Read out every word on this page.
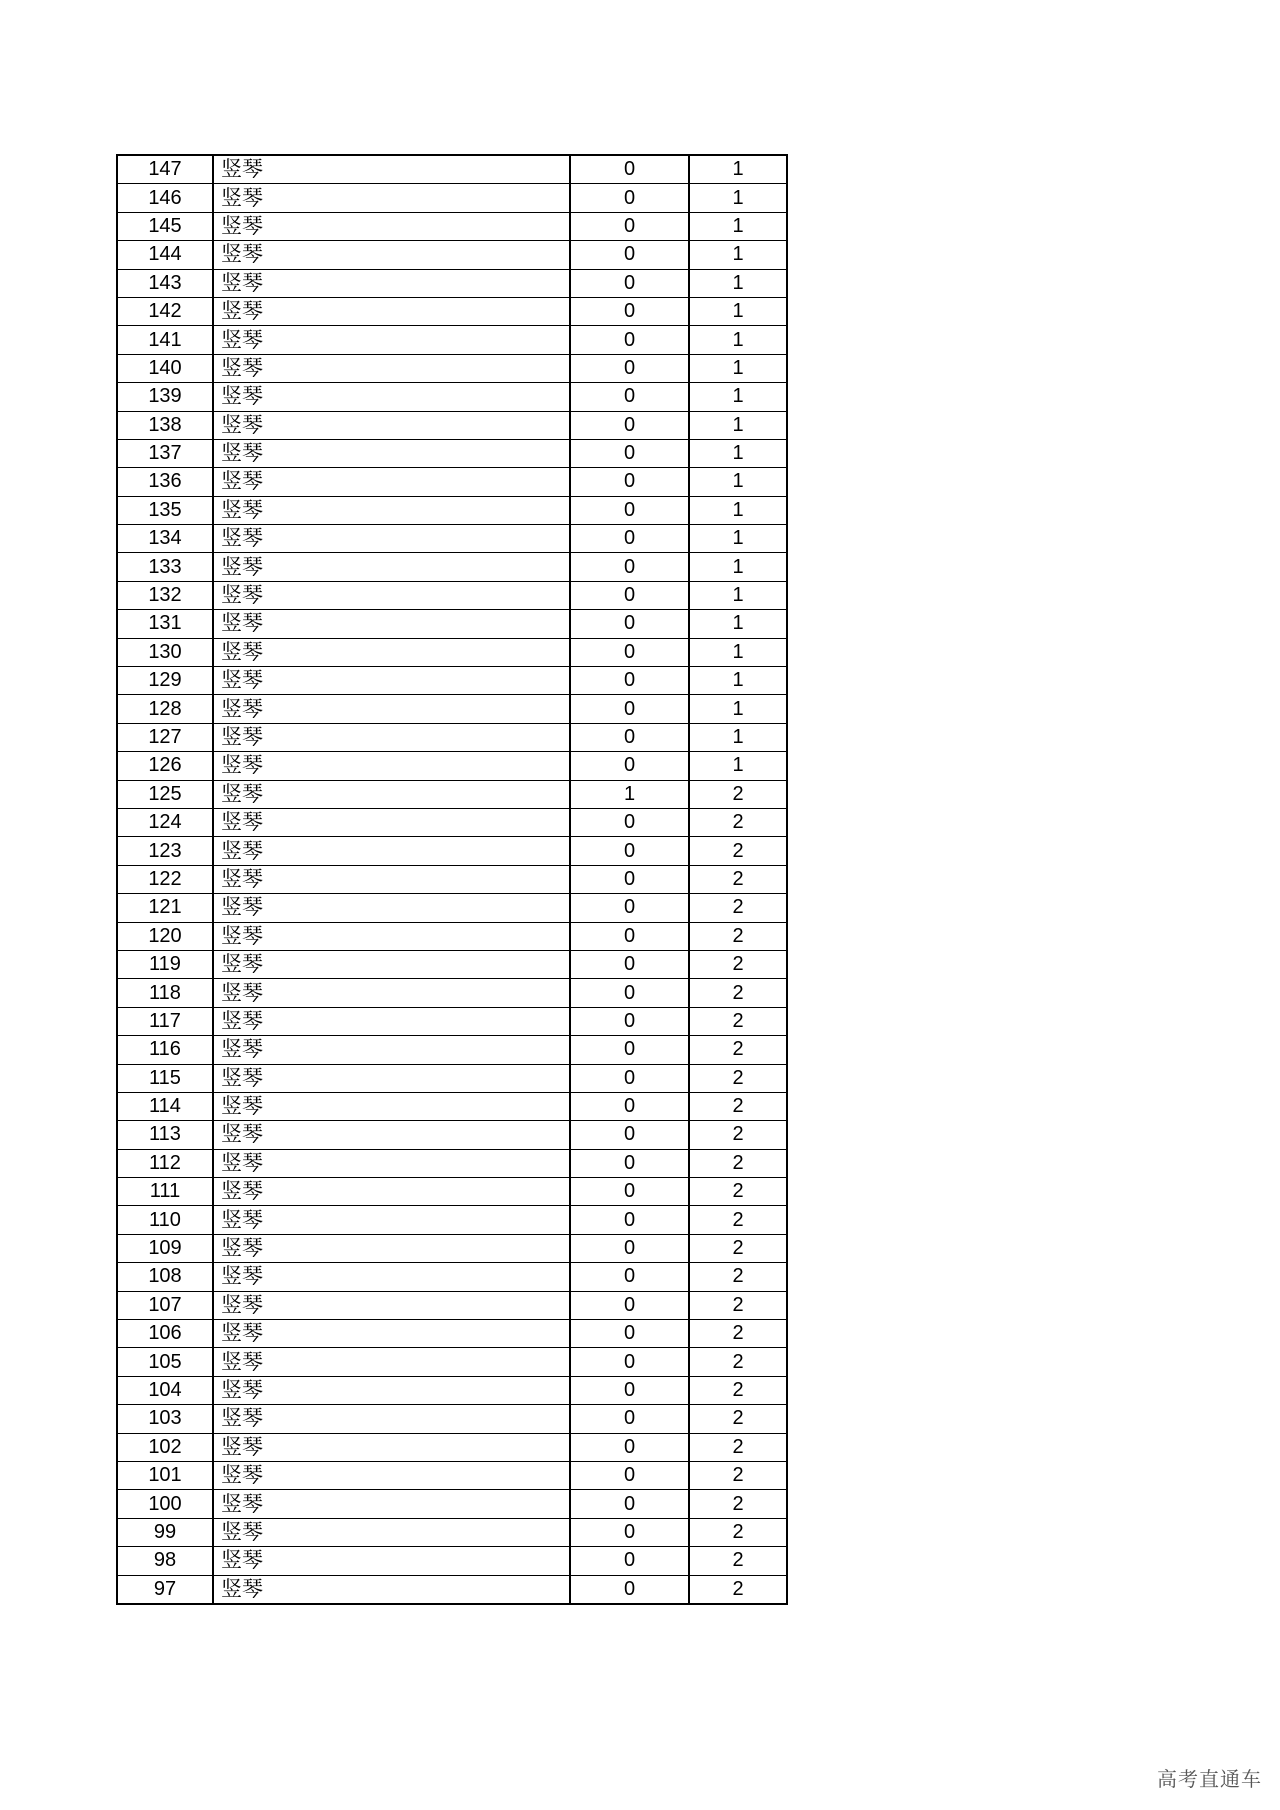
147	竖琴	0	1
146	竖琴	0	1
145	竖琴	0	1
144	竖琴	0	1
143	竖琴	0	1
142	竖琴	0	1
141	竖琴	0	1
140	竖琴	0	1
139	竖琴	0	1
138	竖琴	0	1
137	竖琴	0	1
136	竖琴	0	1
135	竖琴	0	1
134	竖琴	0	1
133	竖琴	0	1
132	竖琴	0	1
131	竖琴	0	1
130	竖琴	0	1
129	竖琴	0	1
128	竖琴	0	1
127	竖琴	0	1
126	竖琴	0	1
125	竖琴	1	2
124	竖琴	0	2
123	竖琴	0	2
122	竖琴	0	2
121	竖琴	0	2
120	竖琴	0	2
119	竖琴	0	2
118	竖琴	0	2
117	竖琴	0	2
116	竖琴	0	2
115	竖琴	0	2
114	竖琴	0	2
113	竖琴	0	2
112	竖琴	0	2
111	竖琴	0	2
110	竖琴	0	2
109	竖琴	0	2
108	竖琴	0	2
107	竖琴	0	2
106	竖琴	0	2
105	竖琴	0	2
104	竖琴	0	2
103	竖琴	0	2
102	竖琴	0	2
101	竖琴	0	2
100	竖琴	0	2
99	竖琴	0	2
98	竖琴	0	2
97	竖琴	0	2
高考直通车
